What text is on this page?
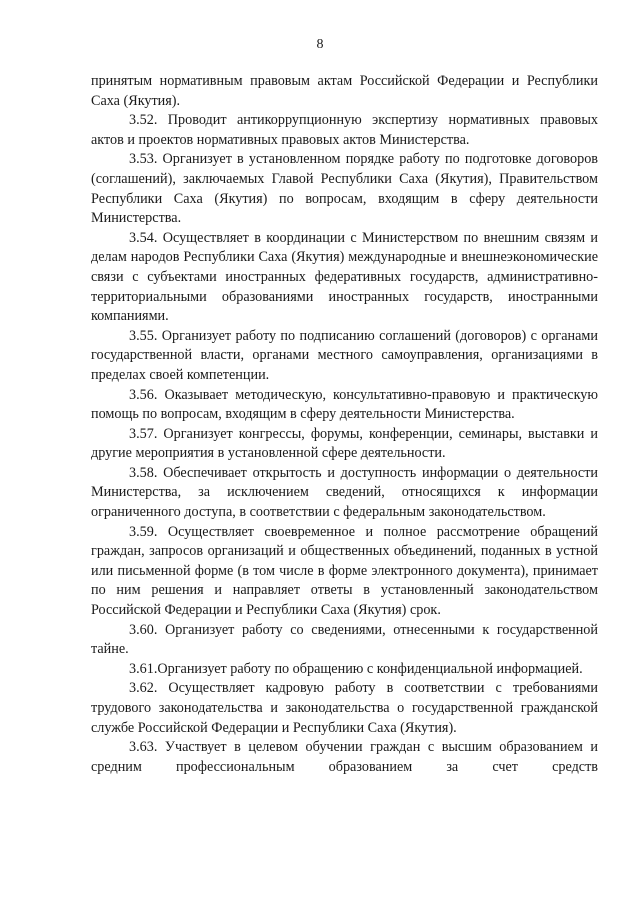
8

принятым нормативным правовым актам Российской Федерации и Республики Саха (Якутия).

3.52. Проводит антикоррупционную экспертизу нормативных правовых актов и проектов нормативных правовых актов Министерства.

3.53. Организует в установленном порядке работу по подготовке договоров (соглашений), заключаемых Главой Республики Саха (Якутия), Правительством Республики Саха (Якутия) по вопросам, входящим в сферу деятельности Министерства.

3.54. Осуществляет в координации с Министерством по внешним связям и делам народов Республики Саха (Якутия) международные и внешнеэкономические связи с субъектами иностранных федеративных государств, административно-территориальными образованиями иностранных государств, иностранными компаниями.

3.55. Организует работу по подписанию соглашений (договоров) с органами государственной власти, органами местного самоуправления, организациями в пределах своей компетенции.

3.56. Оказывает методическую, консультативно-правовую и практическую помощь по вопросам, входящим в сферу деятельности Министерства.

3.57. Организует конгрессы, форумы, конференции, семинары, выставки и другие мероприятия в установленной сфере деятельности.

3.58. Обеспечивает открытость и доступность информации о деятельности Министерства, за исключением сведений, относящихся к информации ограниченного доступа, в соответствии с федеральным законодательством.

3.59. Осуществляет своевременное и полное рассмотрение обращений граждан, запросов организаций и общественных объединений, поданных в устной или письменной форме (в том числе в форме электронного документа), принимает по ним решения и направляет ответы в установленный законодательством Российской Федерации и Республики Саха (Якутия) срок.

3.60. Организует работу со сведениями, отнесенными к государственной тайне.

3.61.Организует работу по обращению с конфиденциальной информацией.

3.62. Осуществляет кадровую работу в соответствии с требованиями трудового законодательства и законодательства о государственной гражданской службе Российской Федерации и Республики Саха (Якутия).

3.63. Участвует в целевом обучении граждан с высшим образованием и средним профессиональным образованием за счет средств
